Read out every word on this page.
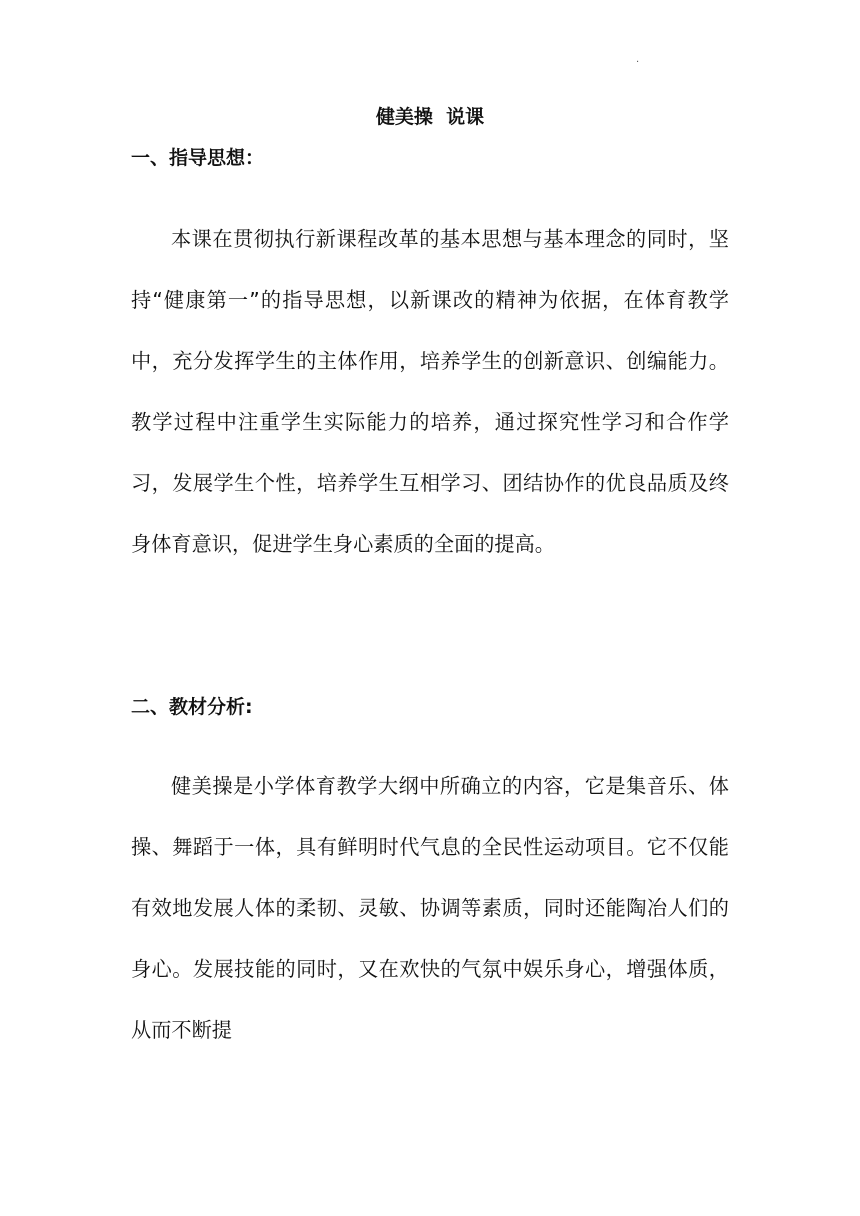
.
健美操  说课
一、指导思想：

本课在贯彻执行新课程改革的基本思想与基本理念的同时，坚持“健康第一”的指导思想，以新课改的精神为依据，在体育教学中，充分发挥学生的主体作用，培养学生的创新意识、创编能力。教学过程中注重学生实际能力的培养，通过探究性学习和合作学习，发展学生个性，培养学生互相学习、团结协作的优良品质及终身体育意识，促进学生身心素质的全面的提高。

二、教材分析:

健美操是小学体育教学大纲中所确立的内容，它是集音乐、体操、舞蹈于一体，具有鲜明时代气息的全民性运动项目。它不仅能有效地发展人体的柔韧、灵敏、协调等素质，同时还能陶冶人们的身心。发展技能的同时，又在欢快的气氛中娱乐身心，增强体质，从而不断提
